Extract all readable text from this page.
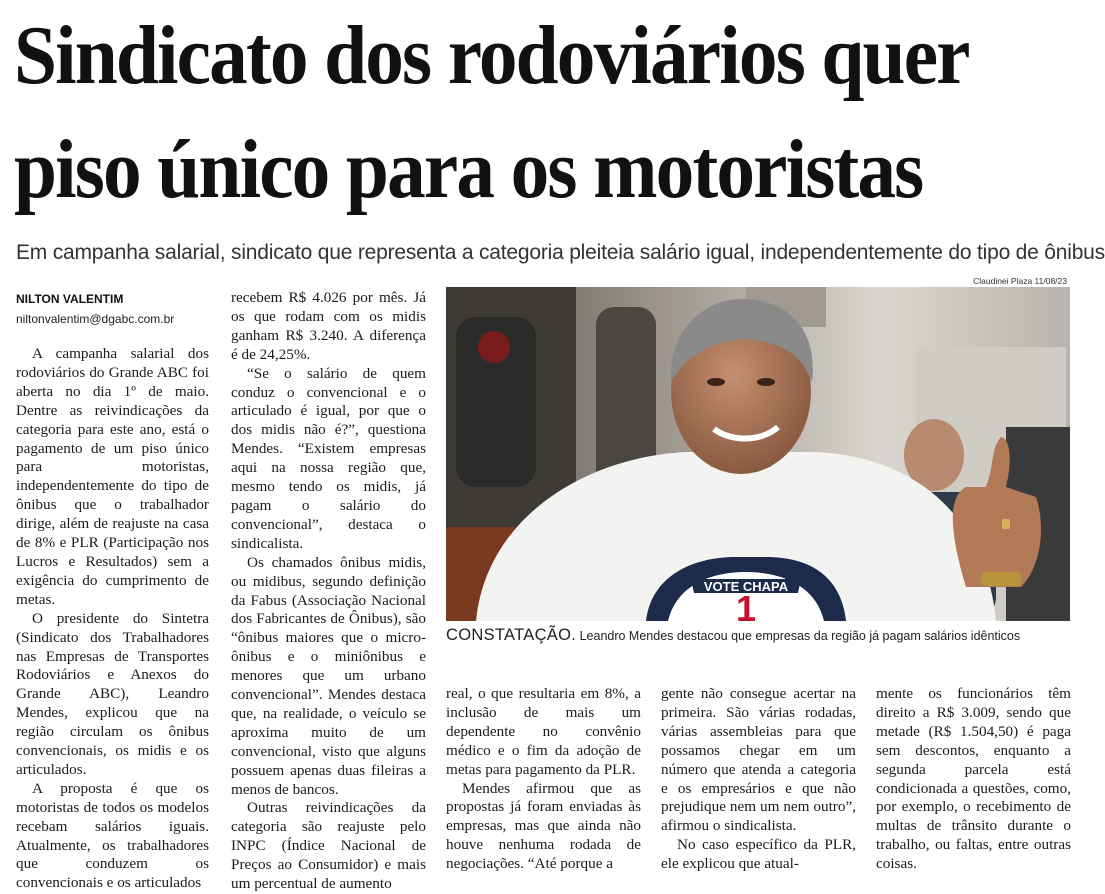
Sindicato dos rodoviários quer
piso único para os motoristas
Em campanha salarial, sindicato que representa a categoria pleiteia salário igual, independentemente do tipo de ônibus
NILTON VALENTIM
niltonvalentim@dgabc.com.br

A campanha salarial dos rodoviários do Grande ABC foi aberta no dia 1º de maio. Dentre as reivindicações da categoria para este ano, está o pagamento de um piso único para motoristas, independentemente do tipo de ônibus que o trabalhador dirige, além de reajuste na casa de 8% e PLR (Participação nos Lucros e Resultados) sem a exigência do cumprimento de metas.

O presidente do Sintetra (Sindicato dos Trabalhadores nas Empresas de Transportes Rodoviários e Anexos do Grande ABC), Leandro Mendes, explicou que na região circulam os ônibus convencionais, os midis e os articulados.

A proposta é que os motoristas de todos os modelos recebam salários iguais. Atualmente, os trabalhadores que conduzem os convencionais e os articulados

recebem R$ 4.026 por mês. Já os que rodam com os midis ganham R$ 3.240. A diferença é de 24,25%.

“Se o salário de quem conduz o convencional e o articulado é igual, por que o dos midis não é?”, questiona Mendes. “Existem empresas aqui na nossa região que, mesmo tendo os midis, já pagam o salário do convencional”, destaca o sindicalista.

Os chamados ônibus midis, ou midibus, segundo definição da Fabus (Associação Nacional dos Fabricantes de Ônibus), são “ônibus maiores que o micro-ônibus e o miniônibus e menores que um urbano convencional”. Mendes destaca que, na realidade, o veículo se aproxima muito de um convencional, visto que alguns possuem apenas duas fileiras a menos de bancos.

Outras reivindicações da categoria são reajuste pelo INPC (Índice Nacional de Preços ao Consumidor) e mais um percentual de aumento

Claudinei Plaza 11/08/23
VOTE CHAPA
1
CONSTATAÇÃO. Leandro Mendes destacou que empresas da região já pagam salários idênticos

real, o que resultaria em 8%, a inclusão de mais um dependente no convênio médico e o fim da adoção de metas para pagamento da PLR.

Mendes afirmou que as propostas já foram enviadas às empresas, mas que ainda não houve nenhuma rodada de negociações. “Até porque a

gente não consegue acertar na primeira. São várias rodadas, várias assembleias para que possamos chegar em um número que atenda a categoria e os empresários e que não prejudique nem um nem outro”, afirmou o sindicalista.

No caso específico da PLR, ele explicou que atual-

mente os funcionários têm direito a R$ 3.009, sendo que metade (R$ 1.504,50) é paga sem descontos, enquanto a segunda parcela está condicionada a questões, como, por exemplo, o recebimento de multas de trânsito durante o trabalho, ou faltas, entre outras coisas.
